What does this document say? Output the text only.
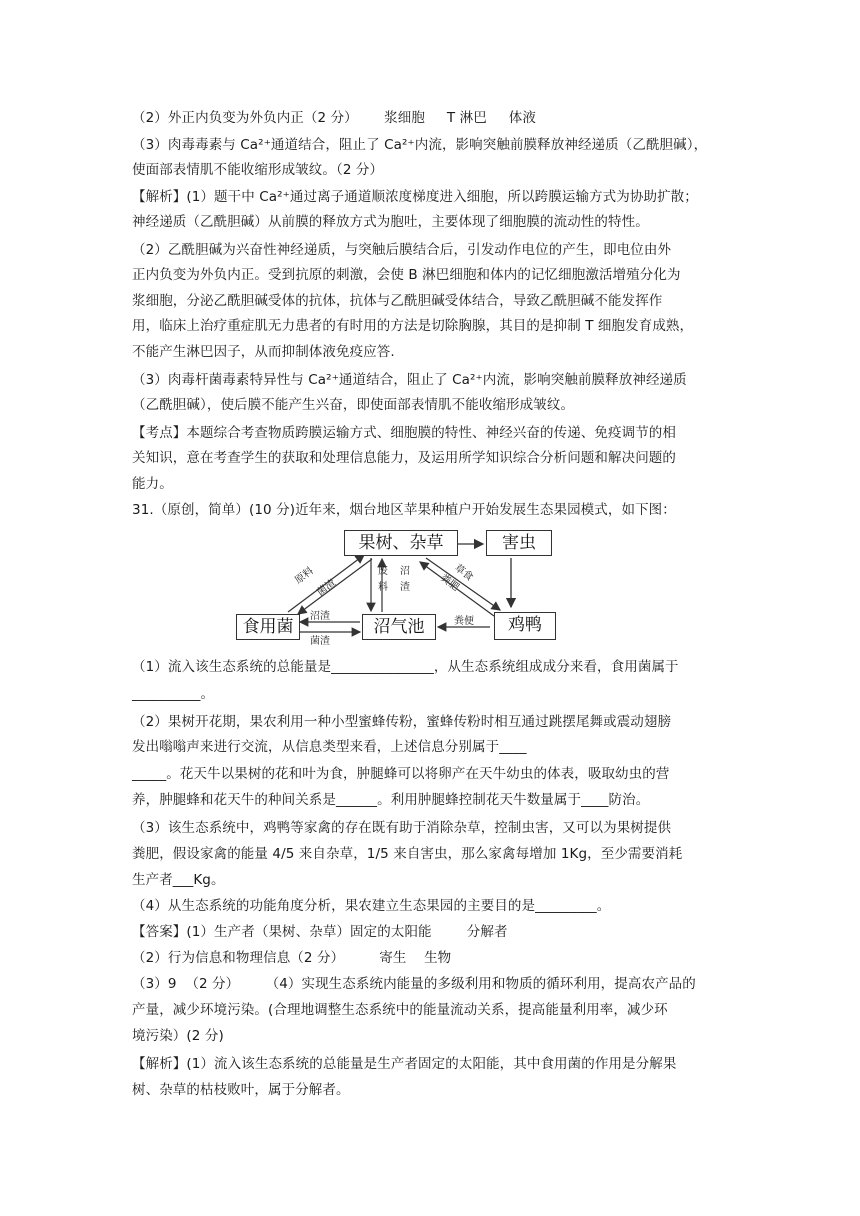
（2）外正内负变为外负内正（2 分）      浆细胞     T 淋巴     体液
（3）肉毒毒素与 Ca²⁺通道结合，阻止了 Ca²⁺内流，影响突触前膜释放神经递质（乙酰胆碱），
使面部表情肌不能收缩形成皱纹。（2 分）
【解析】(1）题干中 Ca²⁺通过离子通道顺浓度梯度进入细胞，所以跨膜运输方式为协助扩散；
神经递质（乙酰胆碱）从前膜的释放方式为胞吐，主要体现了细胞膜的流动性的特性。
（2）乙酰胆碱为兴奋性神经递质，与突触后膜结合后，引发动作电位的产生，即电位由外
正内负变为外负内正。受到抗原的刺激，会使 B 淋巴细胞和体内的记忆细胞激活增殖分化为
浆细胞，分泌乙酰胆碱受体的抗体，抗体与乙酰胆碱受体结合，导致乙酰胆碱不能发挥作
用，临床上治疗重症肌无力患者的有时用的方法是切除胸腺，其目的是抑制 T 细胞发育成熟，
不能产生淋巴因子，从而抑制体液免疫应答.
（3）肉毒杆菌毒素特异性与 Ca²⁺通道结合，阻止了 Ca²⁺内流，影响突触前膜释放神经递质
（乙酰胆碱），使后膜不能产生兴奋，即使面部表情肌不能收缩形成皱纹。
【考点】本题综合考查物质跨膜运输方式、细胞膜的特性、神经兴奋的传递、免疫调节的相
关知识，意在考查学生的获取和处理信息能力，及运用所学知识综合分析问题和解决问题的
能力。
31.（原创，简单）(10 分)近年来，烟台地区苹果种植户开始发展生态果园模式，如下图：
（1）流入该生态系统的总能量是_______________，从生态系统组成成分来看，食用菌属于
__________。
（2）果树开花期，果农利用一种小型蜜蜂传粉，蜜蜂传粉时相互通过跳摆尾舞或震动翅膀
发出嗡嗡声来进行交流，从信息类型来看，上述信息分别属于____
_____。花天牛以果树的花和叶为食，肿腿蜂可以将卵产在天牛幼虫的体表，吸取幼虫的营
养，肿腿蜂和花天牛的种间关系是______。利用肿腿蜂控制花天牛数量属于____防治。
（3）该生态系统中，鸡鸭等家禽的存在既有助于消除杂草，控制虫害，又可以为果树提供
粪肥，假设家禽的能量 4/5 来自杂草，1/5 来自害虫，那么家禽每增加 1Kg，至少需要消耗
生产者___Kg。
（4）从生态系统的功能角度分析，果农建立生态果园的主要目的是_________。
【答案】(1）生产者（果树、杂草）固定的太阳能        分解者
（2）行为信息和物理信息（2 分）        寄生    生物
（3）9  （2 分）      （4）实现生态系统内能量的多级利用和物质的循环利用，提高农产品的
产量，减少环境污染。(合理地调整生态系统中的能量流动关系，提高能量利用率，减少环
境污染）(2 分)
【解析】(1）流入该生态系统的总能量是生产者固定的太阳能，其中食用菌的作用是分解果
树、杂草的枯枝败叶，属于分解者。
原料
菌渣
废
料
沼
渣
草食
粪肥
沼渣
菌渣
粪便
果树、杂草	害虫
食用菌	沼气池	鸡鸭
